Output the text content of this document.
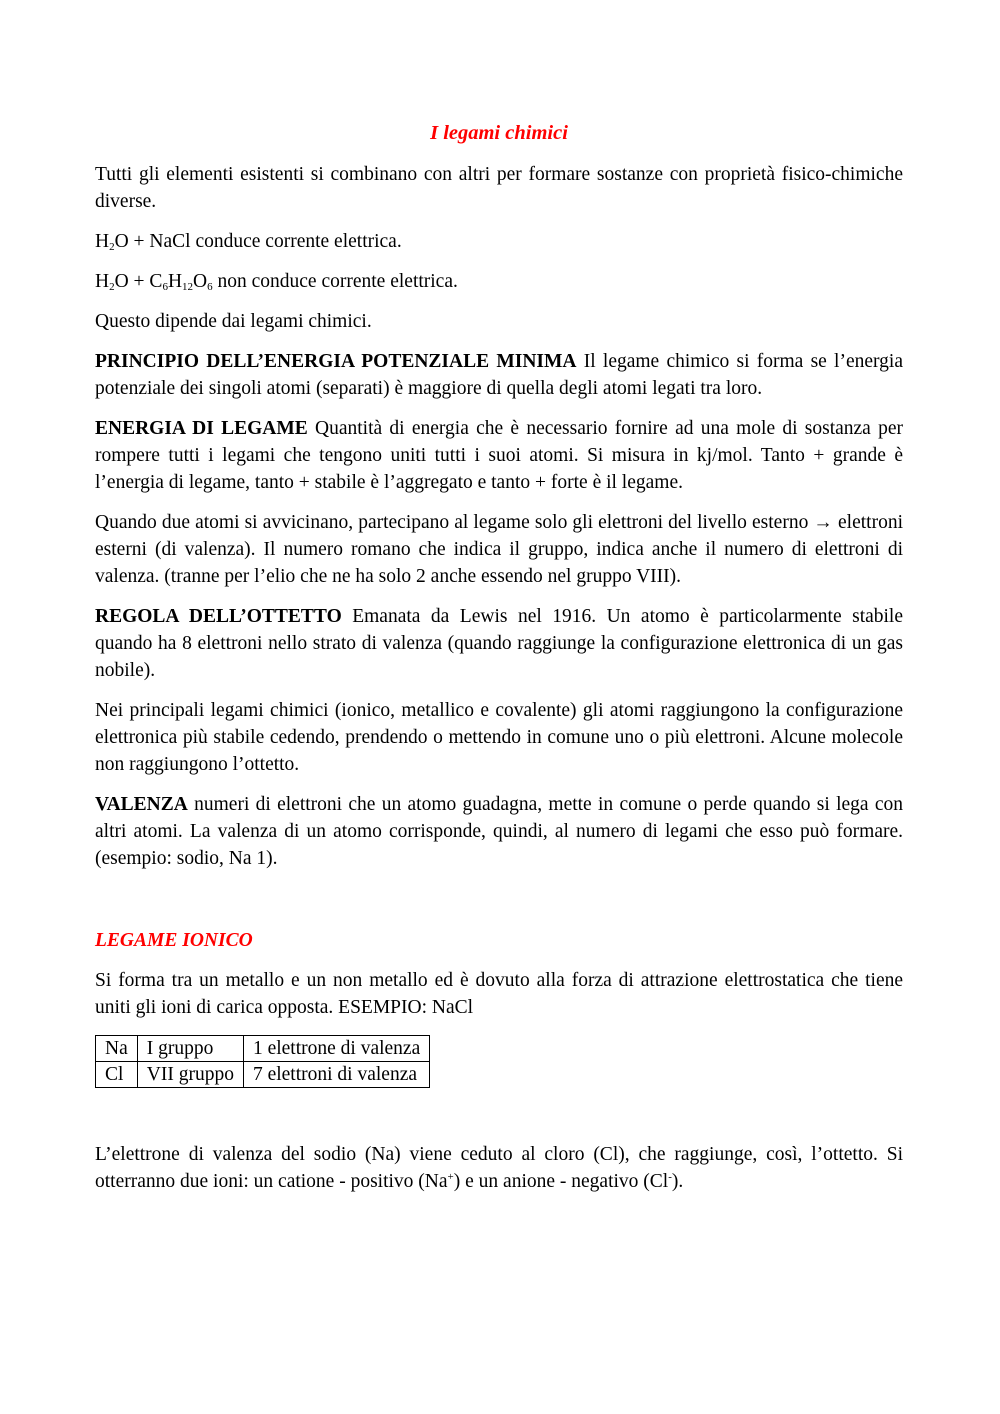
I legami chimici

Tutti gli elementi esistenti si combinano con altri per formare sostanze con proprietà fisico-chimiche diverse.

$H_2O$ + NaCl conduce corrente elettrica.

$H_2O + C_6H_{12}O_6$ non conduce corrente elettrica.

Questo dipende dai legami chimici.

PRINCIPIO DELL’ENERGIA POTENZIALE MINIMA Il legame chimico si forma se l’energia potenziale dei singoli atomi (separati) è maggiore di quella degli atomi legati tra loro.

ENERGIA DI LEGAME Quantità di energia che è necessario fornire ad una mole di sostanza per rompere tutti i legami che tengono uniti tutti i suoi atomi. Si misura in kj/mol. Tanto + grande è l’energia di legame, tanto + stabile è l’aggregato e tanto + forte è il legame.

Quando due atomi si avvicinano, partecipano al legame solo gli elettroni del livello esterno → elettroni esterni (di valenza). Il numero romano che indica il gruppo, indica anche il numero di elettroni di valenza. (tranne per l’elio che ne ha solo 2 anche essendo nel gruppo VIII).

REGOLA DELL’OTTETTO Emanata da Lewis nel 1916. Un atomo è particolarmente stabile quando ha 8 elettroni nello strato di valenza (quando raggiunge la configurazione elettronica di un gas nobile).

Nei principali legami chimici (ionico, metallico e covalente) gli atomi raggiungono la configurazione elettronica più stabile cedendo, prendendo o mettendo in comune uno o più elettroni. Alcune molecole non raggiungono l’ottetto.

VALENZA numeri di elettroni che un atomo guadagna, mette in comune o perde quando si lega con altri atomi. La valenza di un atomo corrisponde, quindi, al numero di legami che esso può formare. (esempio: sodio, Na 1).

LEGAME IONICO

Si forma tra un metallo e un non metallo ed è dovuto alla forza di attrazione elettrostatica che tiene uniti gli ioni di carica opposta. ESEMPIO: NaCl

Na	I gruppo	1 elettrone di valenza
Cl	VII gruppo	7 elettroni di valenza

L’elettrone di valenza del sodio (Na) viene ceduto al cloro (Cl), che raggiunge, così, l’ottetto. Si otterranno due ioni: un catione - positivo (Na+) e un anione - negativo (Cl-).
